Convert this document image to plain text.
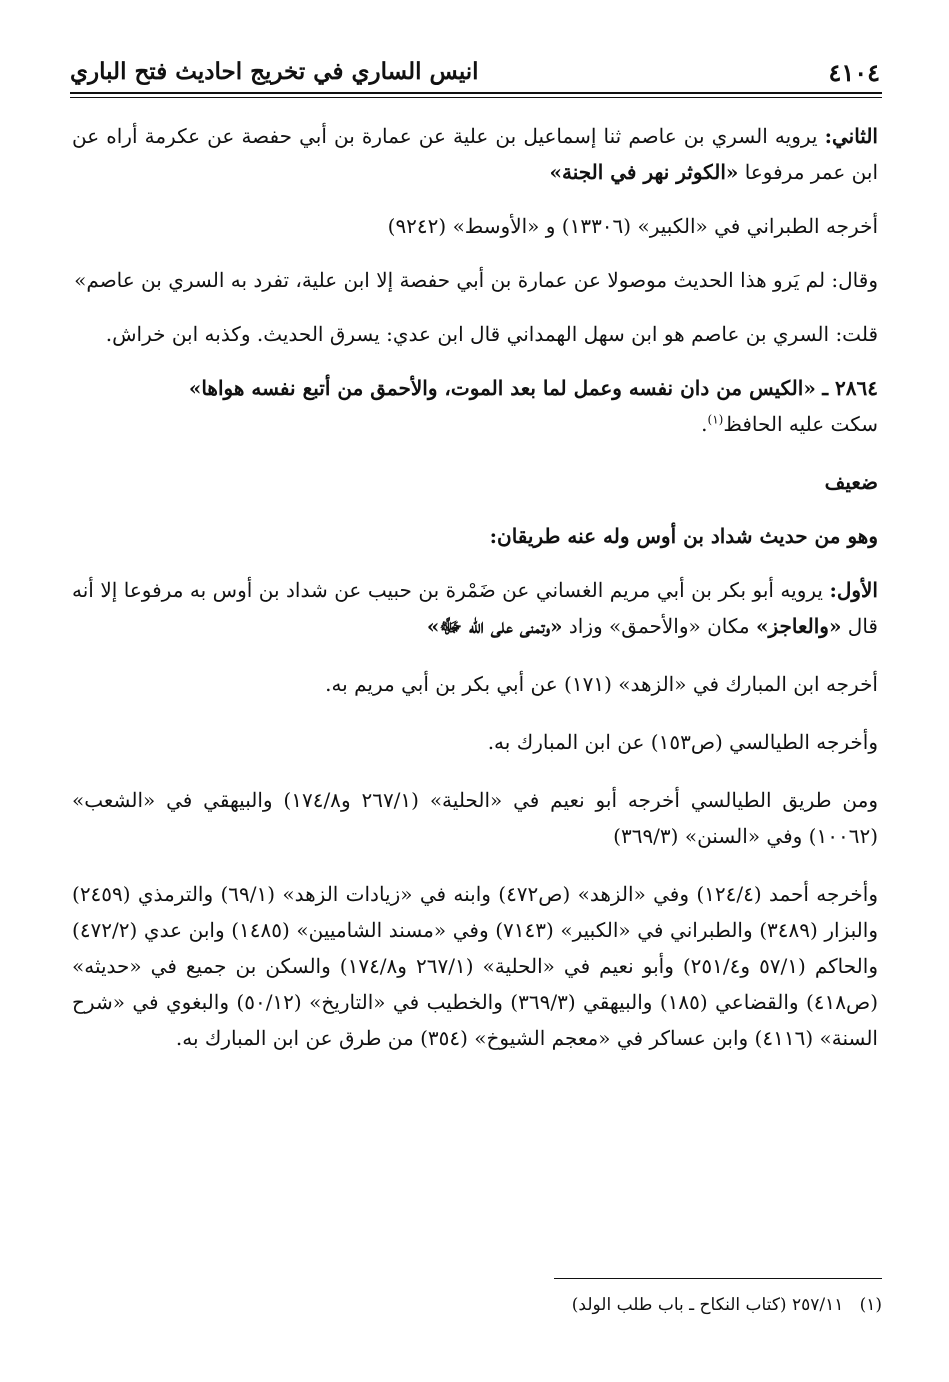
٤١٠٤
انيس الساري في تخريج احاديث فتح الباري

الثاني: يرويه السري بن عاصم ثنا إسماعيل بن علية عن عمارة بن أبي حفصة عن عكرمة أراه عن ابن عمر مرفوعا «الكوثر نهر في الجنة»

أخرجه الطبراني في «الكبير» (١٣٣٠٦) و «الأوسط» (٩٢٤٢)

وقال: لم يَرو هذا الحديث موصولا عن عمارة بن أبي حفصة إلا ابن علية، تفرد به السري بن عاصم»

قلت: السري بن عاصم هو ابن سهل الهمداني قال ابن عدي: يسرق الحديث. وكذبه ابن خراش.

٢٨٦٤ ـ «الكيس من دان نفسه وعمل لما بعد الموت، والأحمق من أتبع نفسه هواها»

سكت عليه الحافظ$^{(١)}$.

ضعيف

وهو من حديث شداد بن أوس وله عنه طريقان:

الأول: يرويه أبو بكر بن أبي مريم الغساني عن ضَمْرة بن حبيب عن شداد بن أوس به مرفوعا إلا أنه قال «والعاجز» مكان «والأحمق» وزاد «وتمنى على الله ﷻ»

أخرجه ابن المبارك في «الزهد» (١٧١) عن أبي بكر بن أبي مريم به.

وأخرجه الطيالسي (ص١٥٣) عن ابن المبارك به.

ومن طريق الطيالسي أخرجه أبو نعيم في «الحلية» (٢٦٧/١ و١٧٤/٨) والبيهقي في «الشعب» (١٠٠٦٢) وفي «السنن» (٣٦٩/٣)

وأخرجه أحمد (١٢٤/٤) وفي «الزهد» (ص٤٧٢) وابنه في «زيادات الزهد» (٦٩/١) والترمذي (٢٤٥٩) والبزار (٣٤٨٩) والطبراني في «الكبير» (٧١٤٣) وفي «مسند الشاميين» (١٤٨٥) وابن عدي (٤٧٢/٢) والحاكم (٥٧/١ و٢٥١/٤) وأبو نعيم في «الحلية» (٢٦٧/١ و١٧٤/٨) والسكن بن جميع في «حديثه» (ص٤١٨) والقضاعي (١٨٥) والبيهقي (٣٦٩/٣) والخطيب في «التاريخ» (٥٠/١٢) والبغوي في «شرح السنة» (٤١١٦) وابن عساكر في «معجم الشيوخ» (٣٥٤) من طرق عن ابن المبارك به.

(١)   ٢٥٧/١١ (كتاب النكاح ـ باب طلب الولد)
